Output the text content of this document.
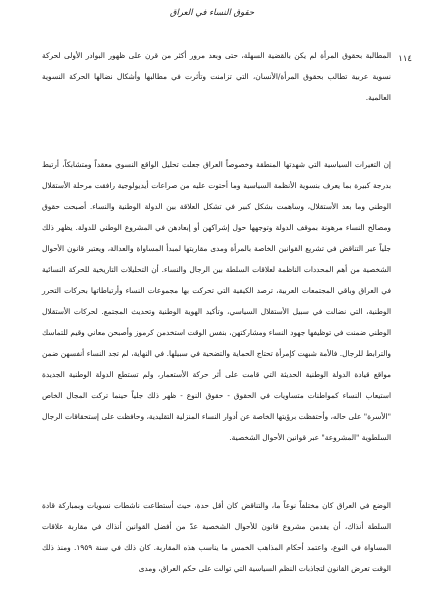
حقوق النساء في العراق
١١٤

المطالبة بحقوق المرأة لم يكن بالقضية السهلة، حتى وبعد مرور أكثر من قرن على ظهور البوادر الأولى لحركة نسوية عربية تطالب بحقوق المرأة/الأنسان، التي تزامنت وتأثرت في مطالبها وأشكال نضالها الحركة النسوية العالمية.

إن التغيرات السياسية التي شهدتها المنطقة وخصوصاً العراق جعلت تحليل الواقع النسوي معقداً ومتشابكاً، أرتبط بدرجة كبيرة بما يعرف بنسوية الأنظمة السياسية وما أحتوت عليه من صراعات أيديولوجية رافقت مرحلة الأستقلال الوطني وما بعد الأستقلال، وساهمت بشكل كبير في تشكل العلاقة بين الدولة الوطنية والنساء. أصبحت حقوق ومصالح النساء مرهونة بموقف الدولة وتوجهها حول إشراكهن أو إبعادهن في المشروع الوطني للدولة. يظهر ذلك جلياً عبر التناقض في تشريع القوانين الخاصة بالمرأة ومدى مقاربتها لمبدأ المساواة والعدالة، ويعتبر قانون الأحوال الشخصية من أهم المحددات الناظمة لعلاقات السلطة بين الرجال والنساء. أن التحليلات التاريخية للحركة النسائية في العراق وباقي المجتمعات العربية، ترصد الكيفية التي تحركت بها مجموعات النساء وأرتباطاتها بحركات التحرر الوطنية، التي نضالت في سبيل الأستقلال السياسي، وتأكيد الهوية الوطنية وتحديث المجتمع. لحركات الأستقلال الوطني ضمنت في توظيفها جهود النساء ومشاركتهن، بنفس الوقت استخدمن كرموز وأصبحن معاني وقيم للتماسك والترابط للرجال. فالأمة شبهت كإمرأة تحتاج الحماية والتضحية في سبيلها. في النهاية، لم تجد النساء أنفسهن ضمن مواقع قيادة الدولة الوطنية الحديثة التي قامت على أثر حركة الأستعمار، ولم تستطع الدولة الوطنية الجديدة استيعاب النساء كمواطنات متساويات في الحقوق - حقوق النوع - ظهر ذلك جلياً حينما تركت المجال الخاص "الأسرة" على حاله، وأحتفظت برؤيتها الخاصة عن أدوار النساء المنزلية التقليدية، وحافظت على إستحقاقات الرجال السلطوية "المشروعة" عبر قوانين الأحوال الشخصية.

الوضع في العراق كان مختلفاً نوعاً ما، والتناقض كان أقل حدة، حيث أستطاعت ناشطات نسويات وبمباركة قادة السلطة أنذاك، أن يقدمن مشروع قانون للأحوال الشخصية عدّ من أفضل القوانين أنذاك في مقاربة علاقات المساواة في النوع، واعتمد أحكام المذاهب الخمس ما يناسب هذه المقاربة. كان ذلك في سنة ١٩٥٩. ومنذ ذلك الوقت تعرض القانون لتجاذبات النظم السياسية التي توالت على حكم العراق، ومدى
